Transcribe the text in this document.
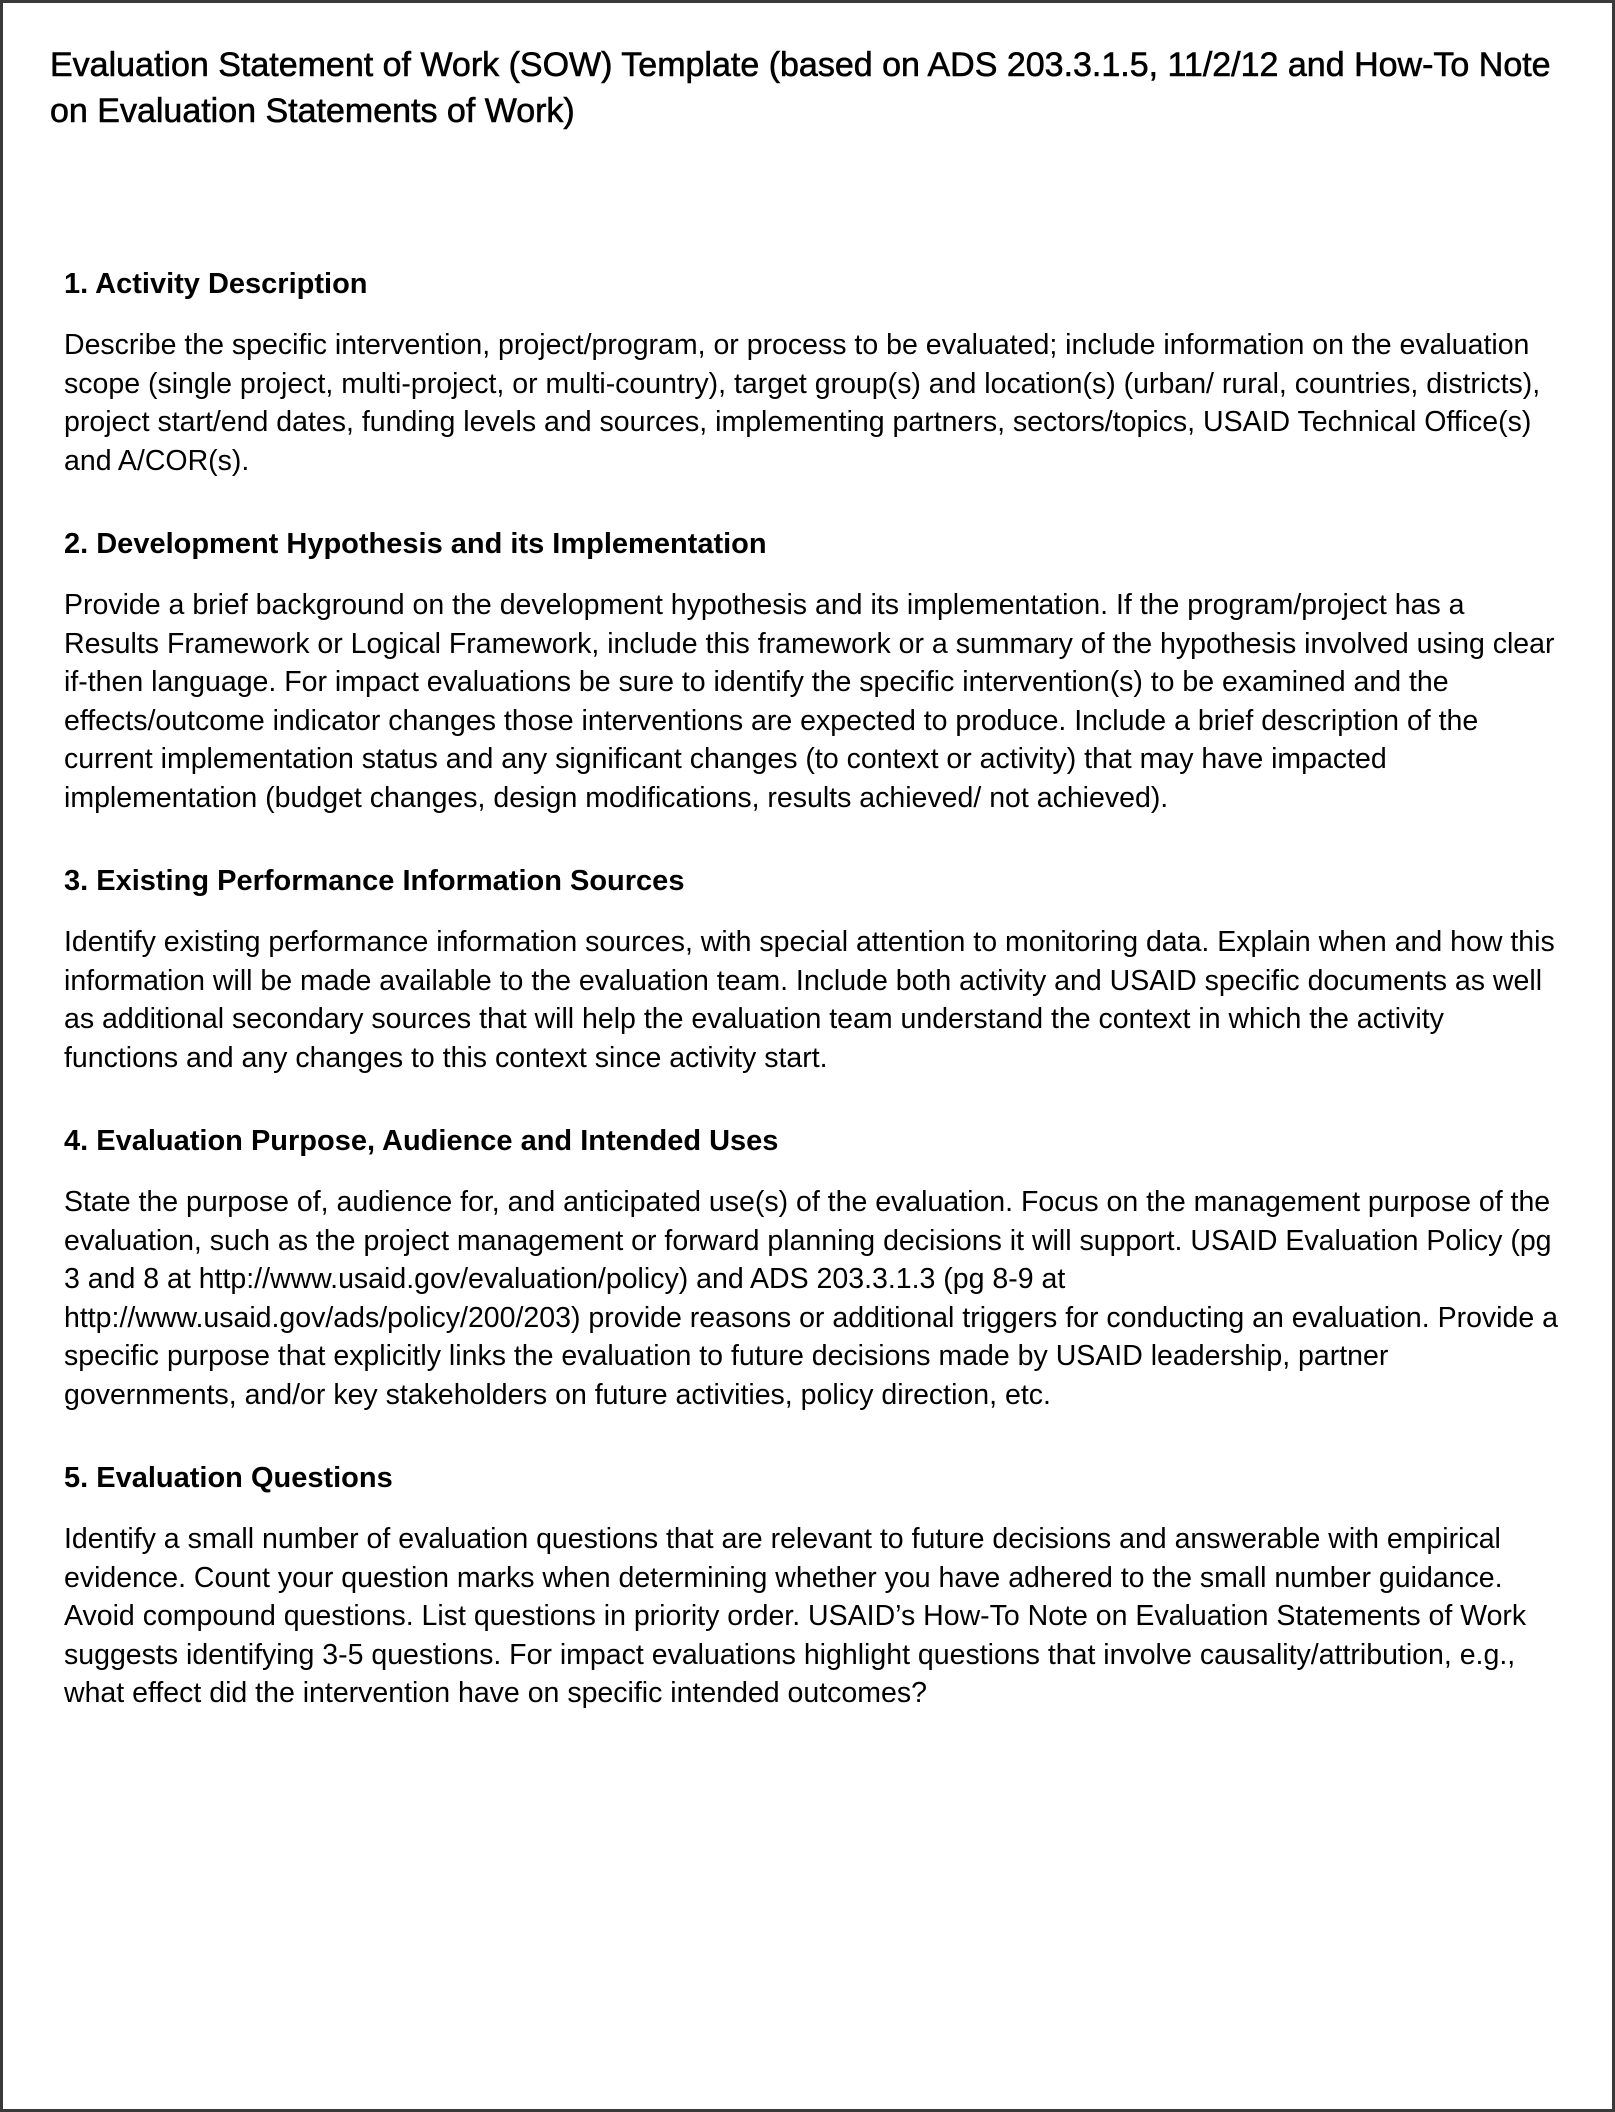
Evaluation Statement of Work (SOW) Template (based on ADS 203.3.1.5, 11/2/12 and How-To Note on Evaluation Statements of Work)
1. Activity Description

Describe the specific intervention, project/program, or process to be evaluated; include information on the evaluation scope (single project, multi-project, or multi-country), target group(s) and location(s) (urban/ rural, countries, districts), project start/end dates, funding levels and sources, implementing partners, sectors/topics, USAID Technical Office(s) and A/COR(s).

2. Development Hypothesis and its Implementation

Provide a brief background on the development hypothesis and its implementation. If the program/project has a Results Framework or Logical Framework, include this framework or a summary of the hypothesis involved using clear if-then language. For impact evaluations be sure to identify the specific intervention(s) to be examined and the effects/outcome indicator changes those interventions are expected to produce. Include a brief description of the current implementation status and any significant changes (to context or activity) that may have impacted implementation (budget changes, design modifications, results achieved/ not achieved).

3. Existing Performance Information Sources

Identify existing performance information sources, with special attention to monitoring data. Explain when and how this information will be made available to the evaluation team. Include both activity and USAID specific documents as well as additional secondary sources that will help the evaluation team understand the context in which the activity functions and any changes to this context since activity start.

4. Evaluation Purpose, Audience and Intended Uses

State the purpose of, audience for, and anticipated use(s) of the evaluation. Focus on the management purpose of the evaluation, such as the project management or forward planning decisions it will support. USAID Evaluation Policy (pg 3 and 8 at http://www.usaid.gov/evaluation/policy) and ADS 203.3.1.3 (pg 8-9 at http://www.usaid.gov/ads/policy/200/203) provide reasons or additional triggers for conducting an evaluation. Provide a specific purpose that explicitly links the evaluation to future decisions made by USAID leadership, partner governments, and/or key stakeholders on future activities, policy direction, etc.

5. Evaluation Questions

Identify a small number of evaluation questions that are relevant to future decisions and answerable with empirical evidence. Count your question marks when determining whether you have adhered to the small number guidance. Avoid compound questions. List questions in priority order. USAID’s How-To Note on Evaluation Statements of Work suggests identifying 3-5 questions. For impact evaluations highlight questions that involve causality/attribution, e.g., what effect did the intervention have on specific intended outcomes?
